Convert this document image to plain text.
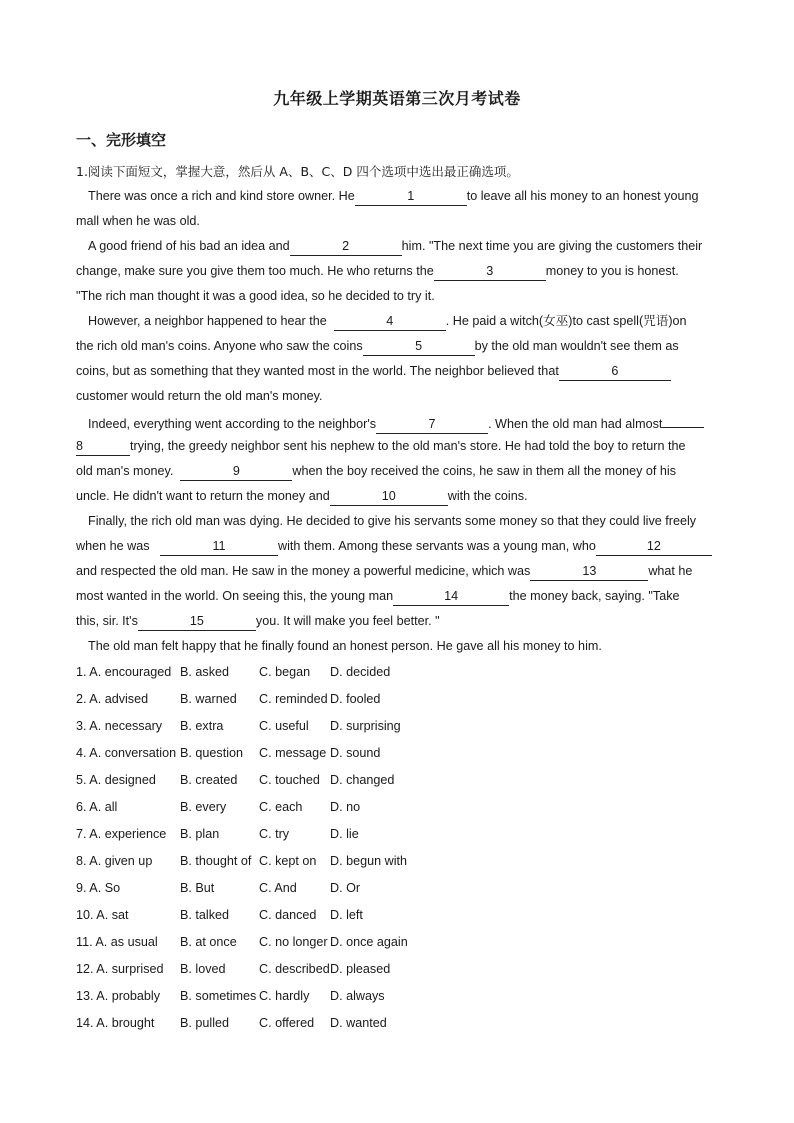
九年级上学期英语第三次月考试卷
一、完形填空
1.阅读下面短文，掌握大意，然后从 A、B、C、D 四个选项中选出最正确选项。
There was once a rich and kind store owner. He	1	to leave all his money to an honest young
mall when he was old.
A good friend of his bad an idea and	2	him. "The next time you are giving the customers their
change, make sure you give them too much. He who returns the	3	money to you is honest.
"The rich man thought it was a good idea, so he decided to try it.
However, a neighbor happened to hear the	4	. He paid a witch(女巫)to cast spell(咒语)on
the rich old man's coins. Anyone who saw the coins	5	by the old man wouldn't see them as
coins, but as something that they wanted most in the world. The neighbor believed that	6
customer would return the old man's money.
Indeed, everything went according to the neighbor's	7	. When the old man had almost
8	trying, the greedy neighbor sent his nephew to the old man's store. He had told the boy to return the
old man's money.	9	when the boy received the coins, he saw in them all the money of his
uncle. He didn't want to return the money and	10	with the coins.
Finally, the rich old man was dying. He decided to give his servants some money so that they could live freely
when he was	11	with them. Among these servants was a young man, who	12
and respected the old man. He saw in the money a powerful medicine, which was	13	what he
most wanted in the world. On seeing this, the young man	14	the money back, saying. "Take
this, sir. It's	15	you. It will make you feel better. "
The old man felt happy that he finally found an honest person. He gave all his money to him.
1. A. encouraged B. asked C. began D. decided
2. A. advised	B. warned C. reminded D. fooled
3. A. necessary B. extra	C. useful D. surprising
4. A. conversation B. question C. message D. sound
5. A. designed B. created C. touched D. changed
6. A. all	B. every	C. each D. no
7. A. experience B. plan	C. try	D. lie
8. A. given up B. thought of C. kept on D. begun with
9. A. So	B. But	C. And	D. Or
10. A. sat	B. talked C. danced D. left
11. A. as usual B. at once C. no longer D. once again
12. A. surprised B. loved	C. described D. pleased
13. A. probably B. sometimes C. hardly D. always
14. A. brought B. pulled C. offered D. wanted
